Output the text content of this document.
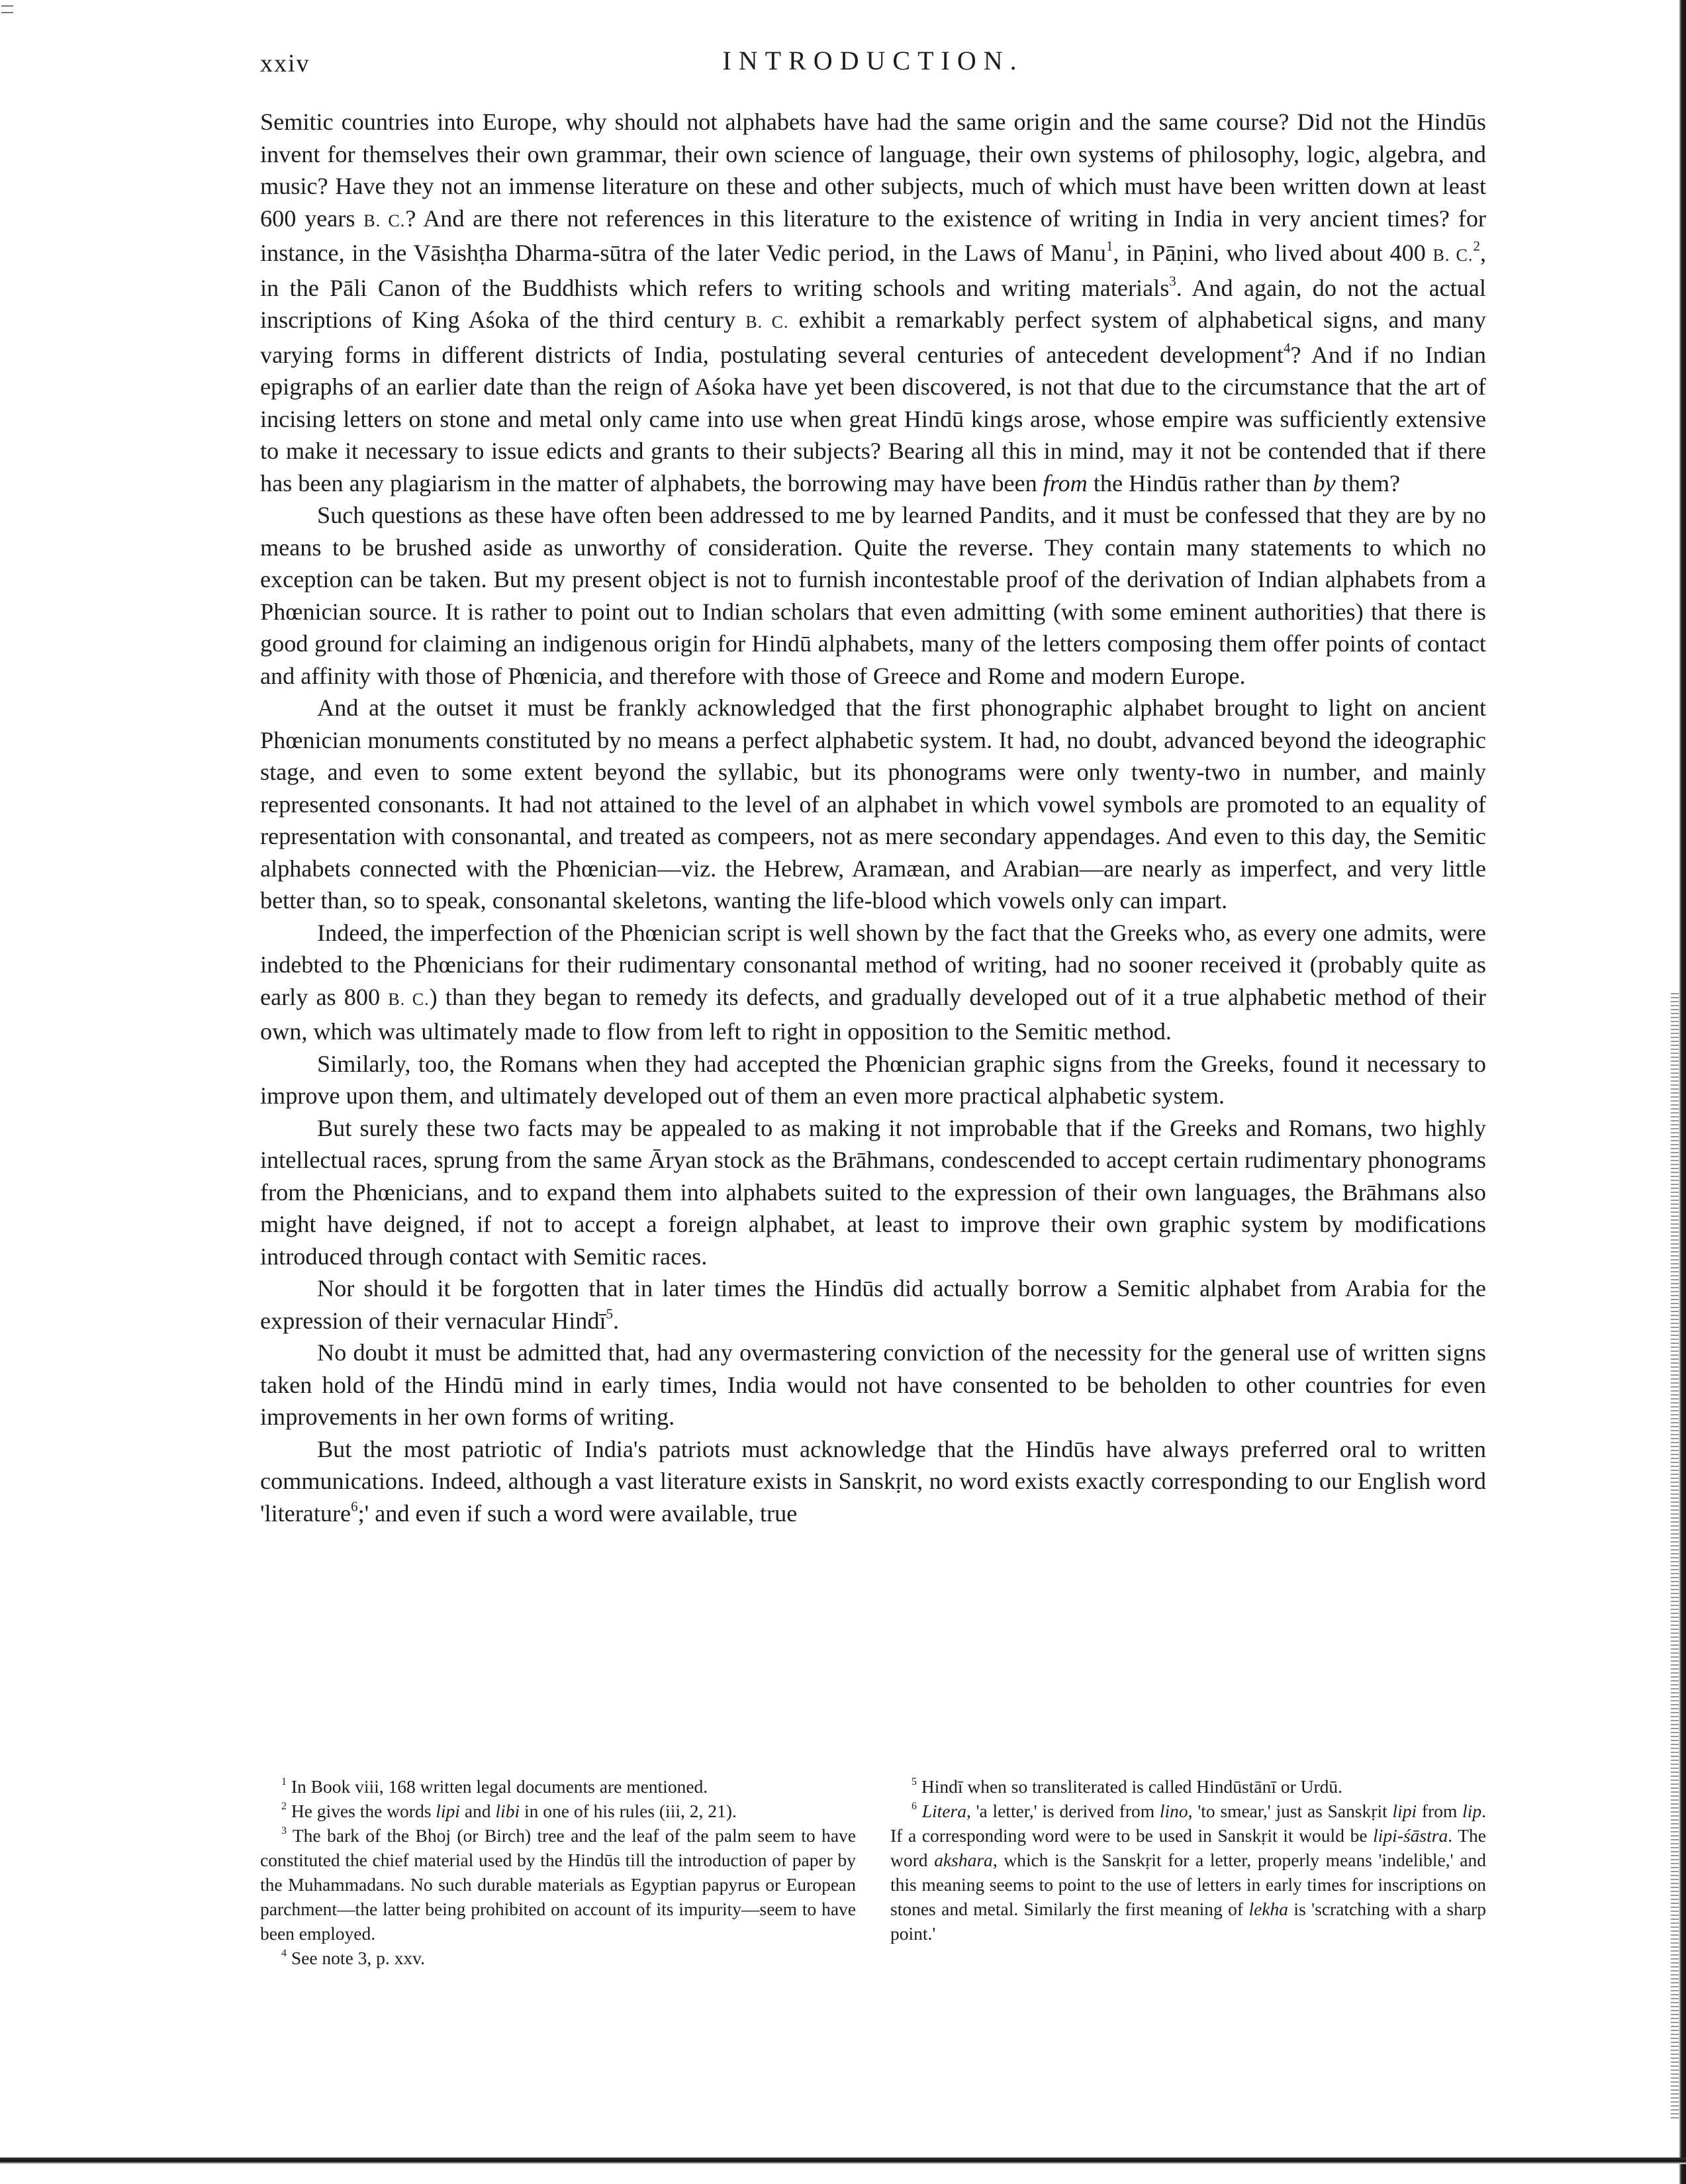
xxiv	INTRODUCTION.

Semitic countries into Europe, why should not alphabets have had the same origin and the same course? Did not the Hindūs invent for themselves their own grammar, their own science of language, their own systems of philosophy, logic, algebra, and music? Have they not an immense literature on these and other subjects, much of which must have been written down at least 600 years B. C.? And are there not references in this literature to the existence of writing in India in very ancient times? for instance, in the Vāsishṭha Dharma-sūtra of the later Vedic period, in the Laws of Manu$^1$, in Pāṇini, who lived about 400 B. C.$^2$, in the Pāli Canon of the Buddhists which refers to writing schools and writing materials$^3$. And again, do not the actual inscriptions of King Aśoka of the third century B. C. exhibit a remarkably perfect system of alphabetical signs, and many varying forms in different districts of India, postulating several centuries of antecedent development$^4$? And if no Indian epigraphs of an earlier date than the reign of Aśoka have yet been discovered, is not that due to the circumstance that the art of incising letters on stone and metal only came into use when great Hindū kings arose, whose empire was sufficiently extensive to make it necessary to issue edicts and grants to their subjects? Bearing all this in mind, may it not be contended that if there has been any plagiarism in the matter of alphabets, the borrowing may have been from the Hindūs rather than by them?

Such questions as these have often been addressed to me by learned Pandits, and it must be confessed that they are by no means to be brushed aside as unworthy of consideration. Quite the reverse. They contain many statements to which no exception can be taken. But my present object is not to furnish incontestable proof of the derivation of Indian alphabets from a Phœnician source. It is rather to point out to Indian scholars that even admitting (with some eminent authorities) that there is good ground for claiming an indigenous origin for Hindū alphabets, many of the letters composing them offer points of contact and affinity with those of Phœnicia, and therefore with those of Greece and Rome and modern Europe.

And at the outset it must be frankly acknowledged that the first phonographic alphabet brought to light on ancient Phœnician monuments constituted by no means a perfect alphabetic system. It had, no doubt, advanced beyond the ideographic stage, and even to some extent beyond the syllabic, but its phonograms were only twenty-two in number, and mainly represented consonants. It had not attained to the level of an alphabet in which vowel symbols are promoted to an equality of representation with consonantal, and treated as compeers, not as mere secondary appendages. And even to this day, the Semitic alphabets connected with the Phœnician—viz. the Hebrew, Aramæan, and Arabian—are nearly as imperfect, and very little better than, so to speak, consonantal skeletons, wanting the life-blood which vowels only can impart.

Indeed, the imperfection of the Phœnician script is well shown by the fact that the Greeks who, as every one admits, were indebted to the Phœnicians for their rudimentary consonantal method of writing, had no sooner received it (probably quite as early as 800 B. C.) than they began to remedy its defects, and gradually developed out of it a true alphabetic method of their own, which was ultimately made to flow from left to right in opposition to the Semitic method.

Similarly, too, the Romans when they had accepted the Phœnician graphic signs from the Greeks, found it necessary to improve upon them, and ultimately developed out of them an even more practical alphabetic system.

But surely these two facts may be appealed to as making it not improbable that if the Greeks and Romans, two highly intellectual races, sprung from the same Āryan stock as the Brāhmans, condescended to accept certain rudimentary phonograms from the Phœnicians, and to expand them into alphabets suited to the expression of their own languages, the Brāhmans also might have deigned, if not to accept a foreign alphabet, at least to improve their own graphic system by modifications introduced through contact with Semitic races.

Nor should it be forgotten that in later times the Hindūs did actually borrow a Semitic alphabet from Arabia for the expression of their vernacular Hindī$^5$.

No doubt it must be admitted that, had any overmastering conviction of the necessity for the general use of written signs taken hold of the Hindū mind in early times, India would not have consented to be beholden to other countries for even improvements in her own forms of writing.

But the most patriotic of India's patriots must acknowledge that the Hindūs have always preferred oral to written communications. Indeed, although a vast literature exists in Sanskṛit, no word exists exactly corresponding to our English word 'literature$^6$;' and even if such a word were available, true

$^1$ In Book viii, 168 written legal documents are mentioned.

$^2$ He gives the words lipi and libi in one of his rules (iii, 2, 21).

$^3$ The bark of the Bhoj (or Birch) tree and the leaf of the palm seem to have constituted the chief material used by the Hindūs till the introduction of paper by the Muhammadans. No such durable materials as Egyptian papyrus or European parchment—the latter being prohibited on account of its impurity—seem to have been employed.

$^4$ See note 3, p. xxv.

$^5$ Hindī when so transliterated is called Hindūstānī or Urdū.

$^6$ Litera, 'a letter,' is derived from lino, 'to smear,' just as Sanskṛit lipi from lip. If a corresponding word were to be used in Sanskṛit it would be lipi-śāstra. The word akshara, which is the Sanskṛit for a letter, properly means 'indelible,' and this meaning seems to point to the use of letters in early times for inscriptions on stones and metal. Similarly the first meaning of lekha is 'scratching with a sharp point.'
